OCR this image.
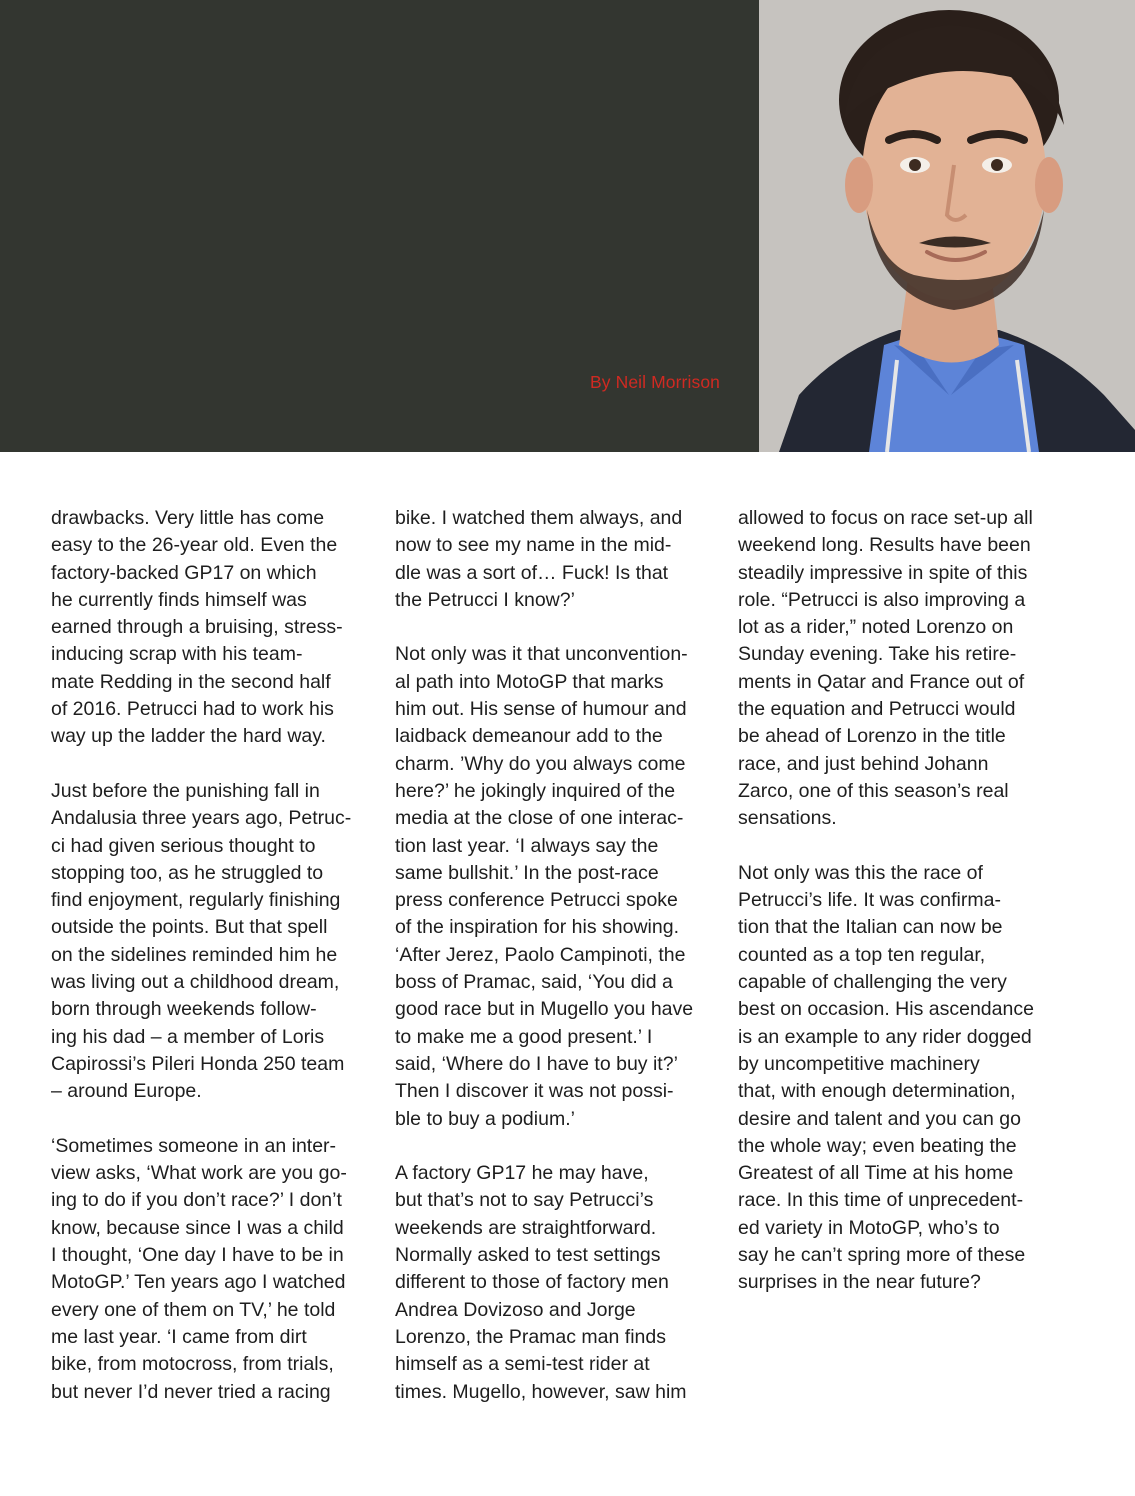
By Neil Morrison

drawbacks. Very little has come
easy to the 26-year old. Even the
factory-backed GP17 on which
he currently finds himself was
earned through a bruising, stress-
inducing scrap with his team-
mate Redding in the second half
of 2016. Petrucci had to work his
way up the ladder the hard way.

Just before the punishing fall in
Andalusia three years ago, Petruc-
ci had given serious thought to
stopping too, as he struggled to
find enjoyment, regularly finishing
outside the points. But that spell
on the sidelines reminded him he
was living out a childhood dream,
born through weekends follow-
ing his dad – a member of Loris
Capirossi’s Pileri Honda 250 team
– around Europe.

‘Sometimes someone in an inter-
view asks, ‘What work are you go-
ing to do if you don’t race?’ I don’t
know, because since I was a child
I thought, ‘One day I have to be in
MotoGP.’ Ten years ago I watched
every one of them on TV,’ he told
me last year. ‘I came from dirt
bike, from motocross, from trials,
but never I’d never tried a racing

bike. I watched them always, and
now to see my name in the mid-
dle was a sort of… Fuck! Is that
the Petrucci I know?’

Not only was it that unconvention-
al path into MotoGP that marks
him out. His sense of humour and
laidback demeanour add to the
charm. ’Why do you always come
here?’ he jokingly inquired of the
media at the close of one interac-
tion last year. ‘I always say the
same bullshit.’ In the post-race
press conference Petrucci spoke
of the inspiration for his showing.
‘After Jerez, Paolo Campinoti, the
boss of Pramac, said, ‘You did a
good race but in Mugello you have
to make me a good present.’ I
said, ‘Where do I have to buy it?’
Then I discover it was not possi-
ble to buy a podium.’

A factory GP17 he may have,
but that’s not to say Petrucci’s
weekends are straightforward.
Normally asked to test settings
different to those of factory men
Andrea Dovizoso and Jorge
Lorenzo, the Pramac man finds
himself as a semi-test rider at
times. Mugello, however, saw him

allowed to focus on race set-up all
weekend long. Results have been
steadily impressive in spite of this
role. “Petrucci is also improving a
lot as a rider,” noted Lorenzo on
Sunday evening. Take his retire-
ments in Qatar and France out of
the equation and Petrucci would
be ahead of Lorenzo in the title
race, and just behind Johann
Zarco, one of this season’s real
sensations.

Not only was this the race of
Petrucci’s life. It was confirma-
tion that the Italian can now be
counted as a top ten regular,
capable of challenging the very
best on occasion. His ascendance
is an example to any rider dogged
by uncompetitive machinery
that, with enough determination,
desire and talent and you can go
the whole way; even beating the
Greatest of all Time at his home
race. In this time of unprecedent-
ed variety in MotoGP, who’s to
say he can’t spring more of these
surprises in the near future?
